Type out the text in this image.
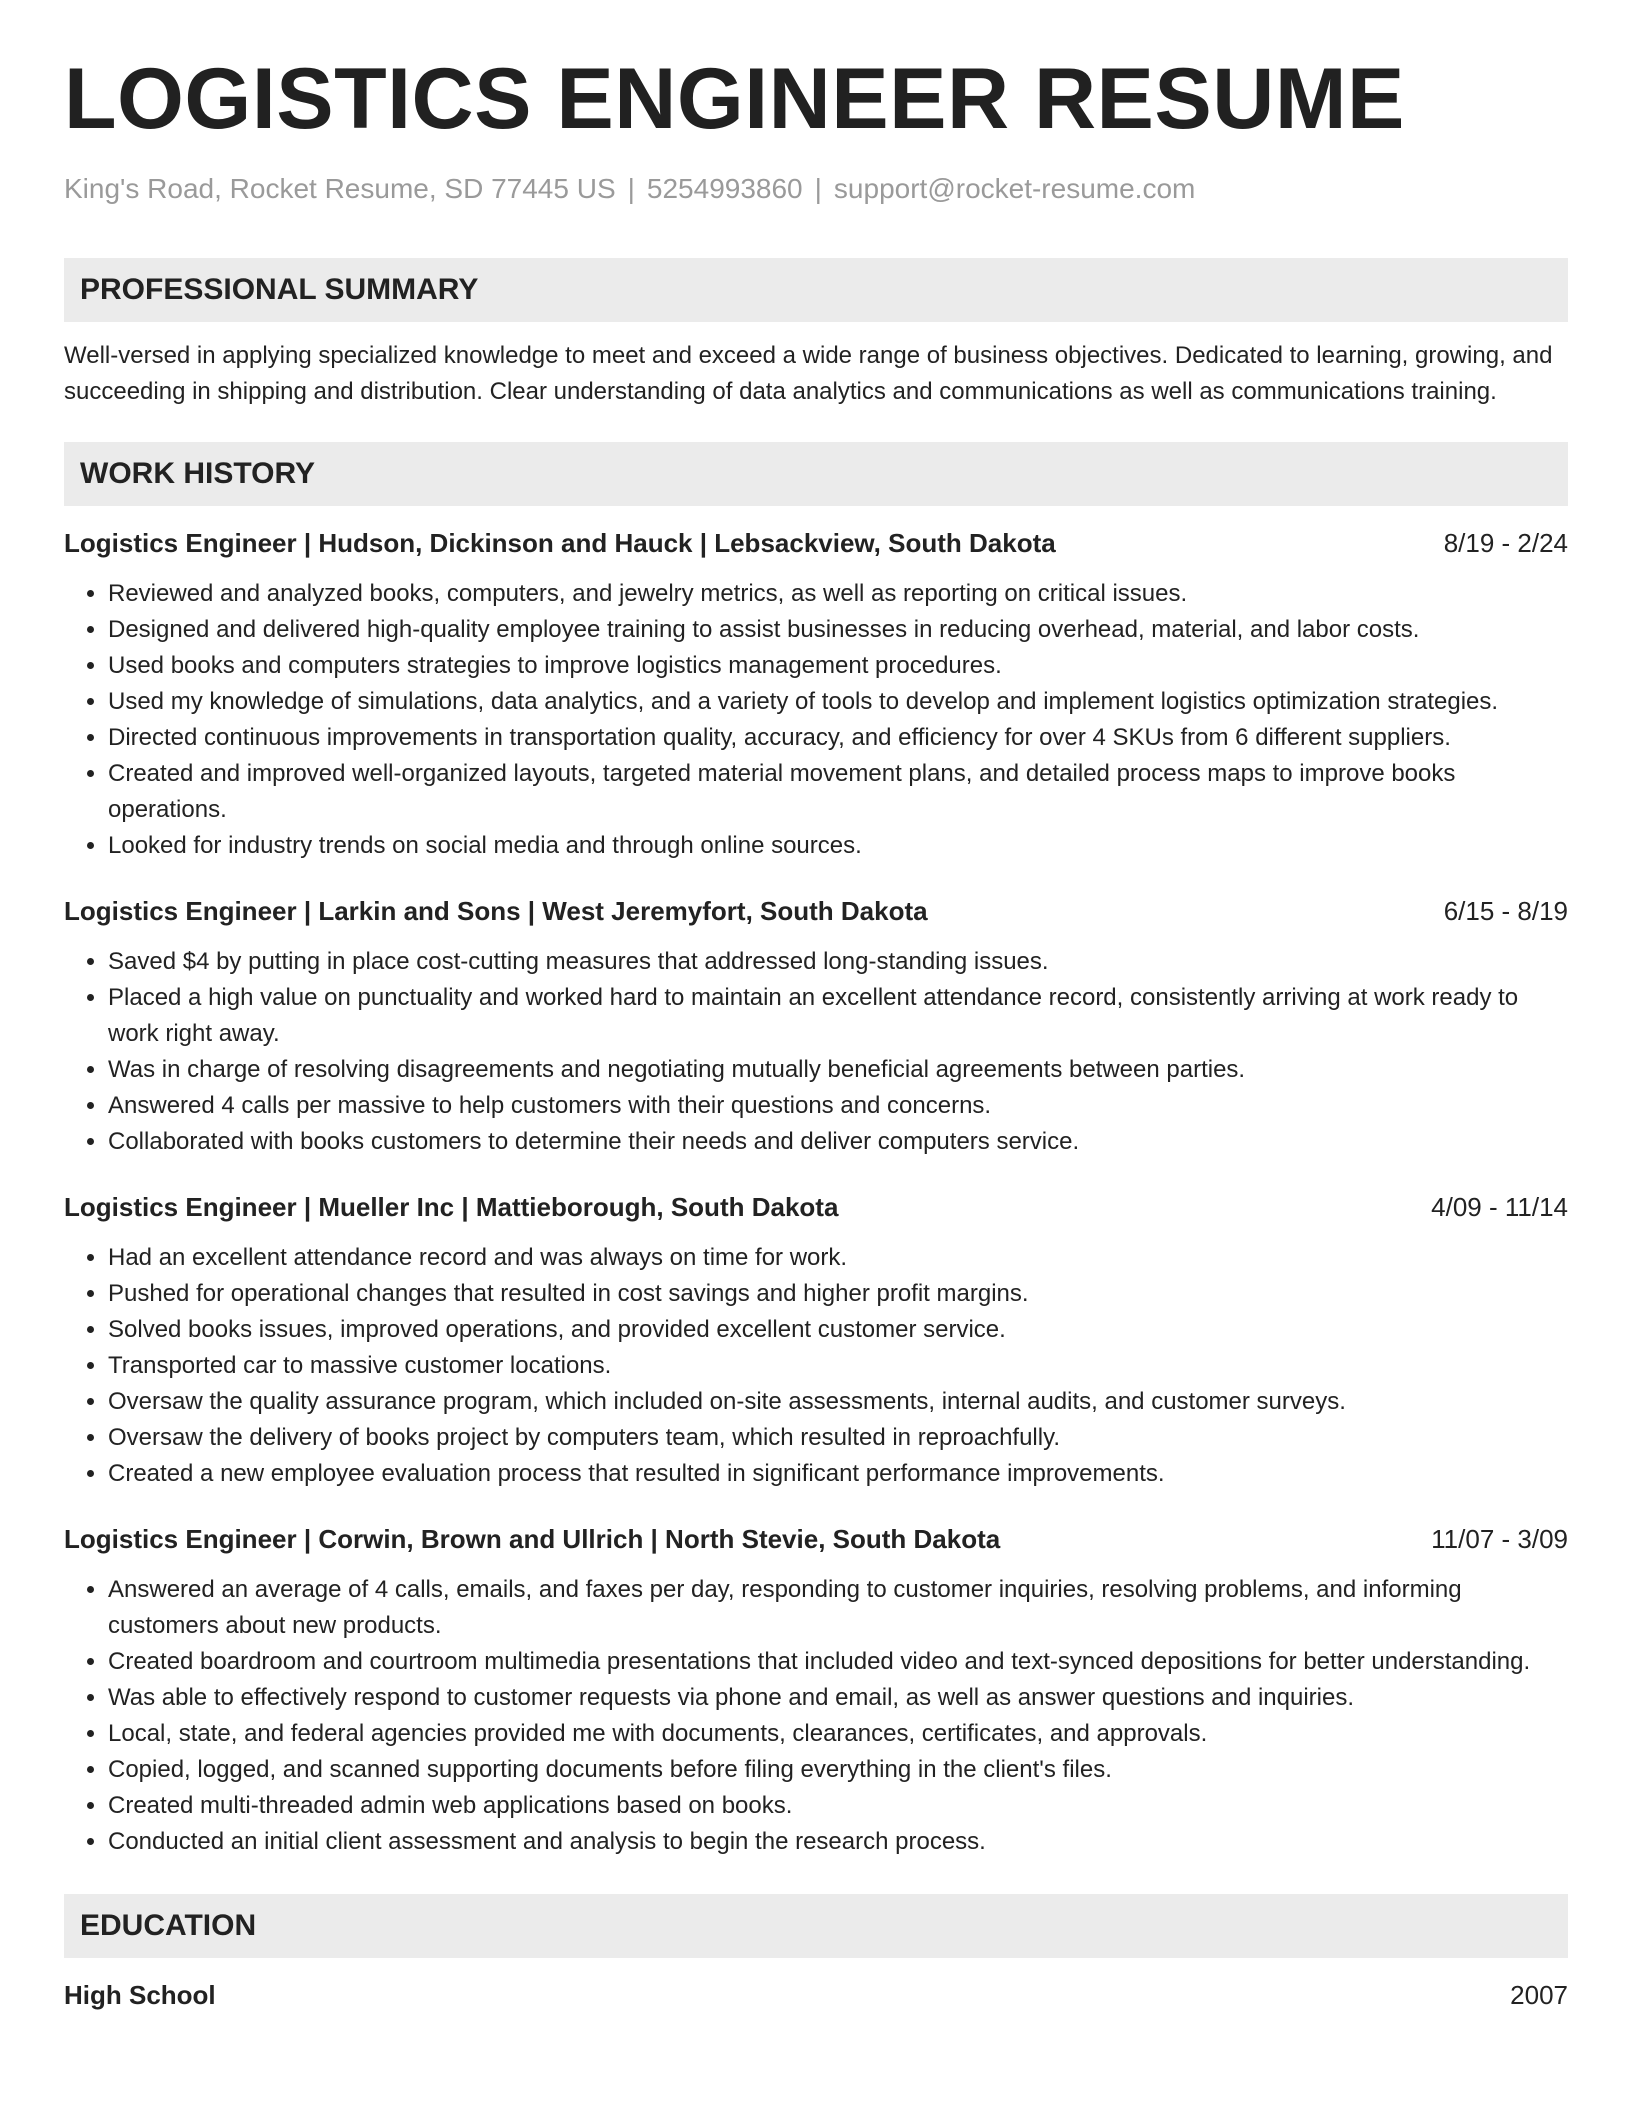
LOGISTICS ENGINEER RESUME
King's Road, Rocket Resume, SD 77445 US | 5254993860 | support@rocket-resume.com
PROFESSIONAL SUMMARY

Well-versed in applying specialized knowledge to meet and exceed a wide range of business objectives. Dedicated to learning, growing, and succeeding in shipping and distribution. Clear understanding of data analytics and communications as well as communications training.

WORK HISTORY
Logistics Engineer | Hudson, Dickinson and Hauck | Lebsackview, South Dakota	8/19 - 2/24
• Reviewed and analyzed books, computers, and jewelry metrics, as well as reporting on critical issues.
• Designed and delivered high-quality employee training to assist businesses in reducing overhead, material, and labor costs.
• Used books and computers strategies to improve logistics management procedures.
• Used my knowledge of simulations, data analytics, and a variety of tools to develop and implement logistics optimization strategies.
• Directed continuous improvements in transportation quality, accuracy, and efficiency for over 4 SKUs from 6 different suppliers.
• Created and improved well-organized layouts, targeted material movement plans, and detailed process maps to improve books operations.
• Looked for industry trends on social media and through online sources.
Logistics Engineer | Larkin and Sons | West Jeremyfort, South Dakota	6/15 - 8/19
• Saved $4 by putting in place cost-cutting measures that addressed long-standing issues.
• Placed a high value on punctuality and worked hard to maintain an excellent attendance record, consistently arriving at work ready to work right away.
• Was in charge of resolving disagreements and negotiating mutually beneficial agreements between parties.
• Answered 4 calls per massive to help customers with their questions and concerns.
• Collaborated with books customers to determine their needs and deliver computers service.
Logistics Engineer | Mueller Inc | Mattieborough, South Dakota	4/09 - 11/14
• Had an excellent attendance record and was always on time for work.
• Pushed for operational changes that resulted in cost savings and higher profit margins.
• Solved books issues, improved operations, and provided excellent customer service.
• Transported car to massive customer locations.
• Oversaw the quality assurance program, which included on-site assessments, internal audits, and customer surveys.
• Oversaw the delivery of books project by computers team, which resulted in reproachfully.
• Created a new employee evaluation process that resulted in significant performance improvements.
Logistics Engineer | Corwin, Brown and Ullrich | North Stevie, South Dakota	11/07 - 3/09
• Answered an average of 4 calls, emails, and faxes per day, responding to customer inquiries, resolving problems, and informing customers about new products.
• Created boardroom and courtroom multimedia presentations that included video and text-synced depositions for better understanding.
• Was able to effectively respond to customer requests via phone and email, as well as answer questions and inquiries.
• Local, state, and federal agencies provided me with documents, clearances, certificates, and approvals.
• Copied, logged, and scanned supporting documents before filing everything in the client's files.
• Created multi-threaded admin web applications based on books.
• Conducted an initial client assessment and analysis to begin the research process.
EDUCATION
High School	2007
